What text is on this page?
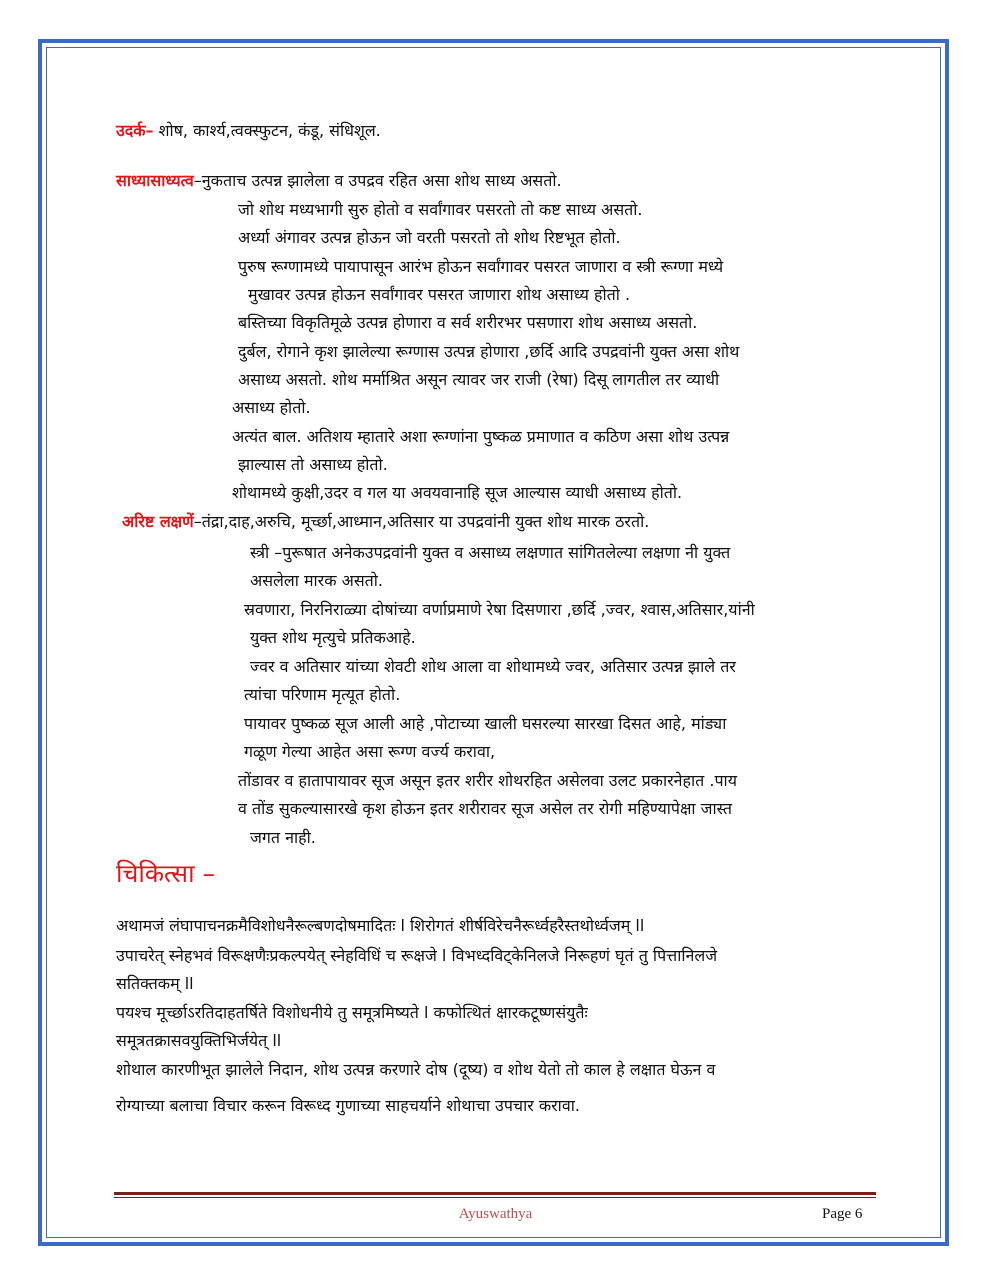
उदर्क– शोष, कार्श्य,त्वक्स्फुटन, कंडू, संधिशूल.
साध्यासाध्यत्व–नुकताच उत्पन्न झालेला व उपद्रव रहित असा शोथ साध्य असतो.
जो शोथ मध्यभागी सुरु होतो व सर्वांगावर पसरतो तो कष्ट साध्य असतो.
अर्ध्या अंगावर उत्पन्न होऊन जो वरती पसरतो तो शोथ रिष्टभूत होतो.
पुरुष रूग्णामध्ये पायापासून आरंभ होऊन सर्वांगावर पसरत जाणारा व स्त्री रूग्णा मध्ये
मुखावर उत्पन्न होऊन सर्वांगावर पसरत जाणारा शोथ असाध्य होतो .
बस्तिच्या विकृतिमूळे उत्पन्न होणारा व सर्व शरीरभर पसणारा शोथ असाध्य असतो.
दुर्बल, रोगाने कृश झालेल्या रूग्णास उत्पन्न होणारा ,छर्दि आदि उपद्रवांनी युक्त असा शोथ
असाध्य असतो. शोथ मर्माश्रित असून त्यावर जर राजी (रेषा) दिसू लागतील तर व्याधी
असाध्य होतो.
अत्यंत बाल. अतिशय म्हातारे अशा रूग्णांना पुष्कळ प्रमाणात व कठिण असा शोथ उत्पन्न
झाल्यास तो असाध्य होतो.
शोथामध्ये कुक्षी,उदर व गल या अवयवानाहि सूज आल्यास व्याधी असाध्य होतो.
अरिष्ट लक्षणें–तंद्रा,दाह,अरुचि, मूर्च्छा,आध्मान,अतिसार या उपद्रवांनी युक्त शोथ मारक ठरतो.
स्त्री –पुरूषात अनेकउपद्रवांनी युक्त व असाध्य लक्षणात सांगितलेल्या लक्षणा नी युक्त
असलेला मारक असतो.
स्रवणारा, निरनिराळ्या दोषांच्या वर्णाप्रमाणे रेषा दिसणारा ,छर्दि ,ज्वर, श्वास,अतिसार,यांनी
युक्त शोथ मृत्युचे प्रतिकआहे.
ज्वर व अतिसार यांच्या शेवटी शोथ आला वा शोथामध्ये ज्वर, अतिसार उत्पन्न झाले तर
त्यांचा परिणाम मृत्यूत होतो.
पायावर पुष्कळ सूज आली आहे ,पोटाच्या खाली घसरल्या सारखा दिसत आहे, मांड्या
गळूण गेल्या आहेत असा रूग्ण वर्ज्य करावा,
तोंडावर व हातापायावर सूज असून इतर शरीर शोथरहित असेलवा उलट प्रकारनेहात .पाय
व तोंड सुकल्यासारखे कृश होऊन इतर शरीरावर सूज असेल तर रोगी महिण्यापेक्षा जास्त
जगत नाही.
चिकित्सा –
अथामजं लंघापाचनक्रमैविशोधनैरूल्बणदोषमादितः l शिरोगतं शीर्षविरेचनैरूर्ध्वहरैस्तथोर्ध्वजम् ll
उपाचरेत् स्नेहभवं विरूक्षणैःप्रकल्पयेत् स्नेहविधिं च रूक्षजे l विभध्दविट्केनिलजे निरूहणं घृतं तु पित्तानिलजे
सतिक्तकम् ll
पयश्च मूर्च्छाऽरतिदाहतर्षिते विशोधनीये तु समूत्रमिष्यते l कफोत्थितं क्षारकटूष्णसंयुतैः
समूत्रतक्रासवयुक्तिभिर्जयेत् ll
शोथाल कारणीभूत झालेले निदान, शोथ उत्पन्न करणारे दोष (दूष्य) व शोथ येतो तो काल हे लक्षात घेऊन व
रोग्याच्या बलाचा विचार करून विरूध्द गुणाच्या साहचर्याने शोथाचा उपचार करावा.
Ayuswathya	Page 6
